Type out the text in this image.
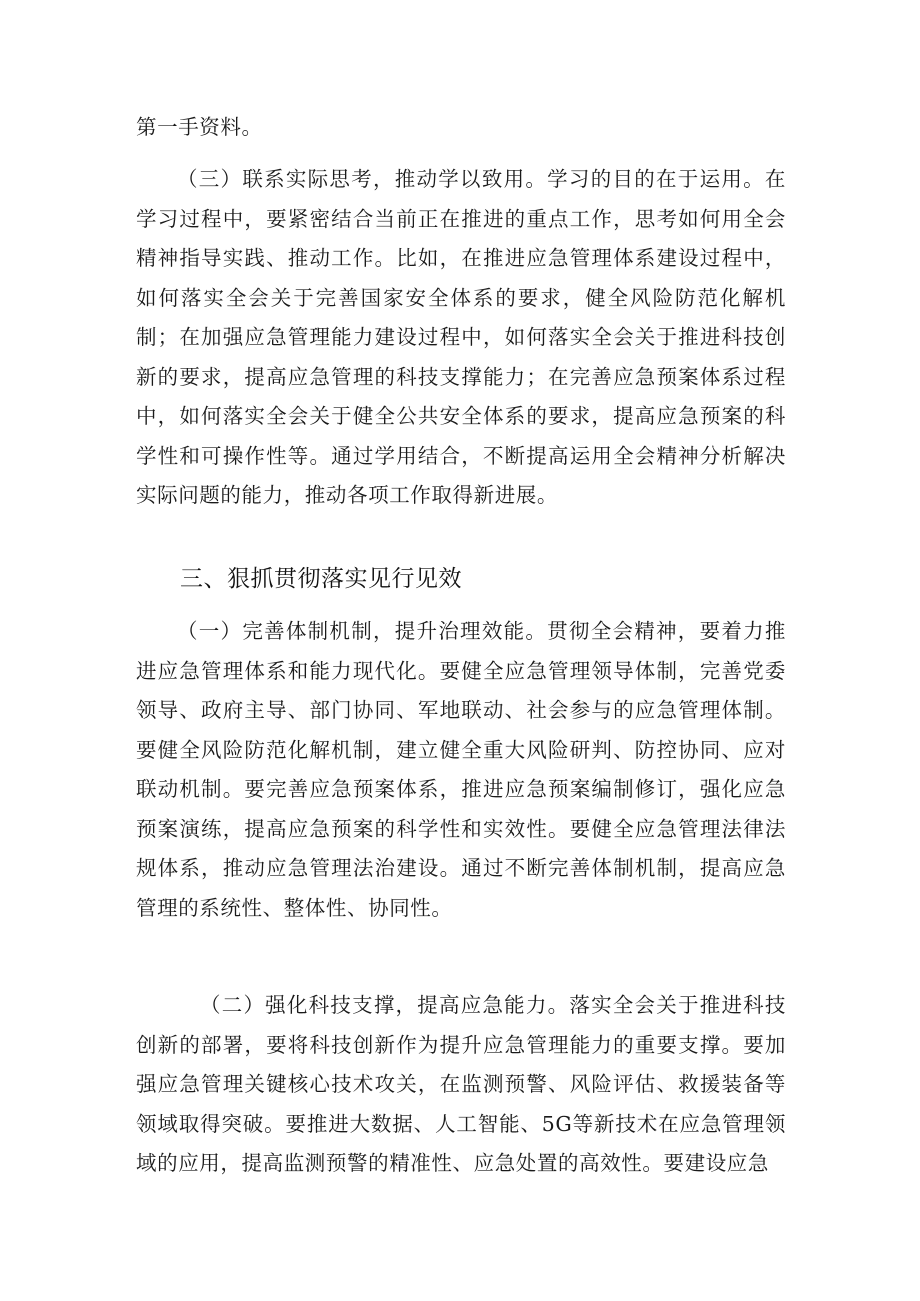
第一手资料。

（三）联系实际思考，推动学以致用。学习的目的在于运用。在学习过程中，要紧密结合当前正在推进的重点工作，思考如何用全会精神指导实践、推动工作。比如，在推进应急管理体系建设过程中，如何落实全会关于完善国家安全体系的要求，健全风险防范化解机制；在加强应急管理能力建设过程中，如何落实全会关于推进科技创新的要求，提高应急管理的科技支撑能力；在完善应急预案体系过程中，如何落实全会关于健全公共安全体系的要求，提高应急预案的科学性和可操作性等。通过学用结合，不断提高运用全会精神分析解决实际问题的能力，推动各项工作取得新进展。

三、狠抓贯彻落实见行见效

（一）完善体制机制，提升治理效能。贯彻全会精神，要着力推进应急管理体系和能力现代化。要健全应急管理领导体制，完善党委领导、政府主导、部门协同、军地联动、社会参与的应急管理体制。要健全风险防范化解机制，建立健全重大风险研判、防控协同、应对联动机制。要完善应急预案体系，推进应急预案编制修订，强化应急预案演练，提高应急预案的科学性和实效性。要健全应急管理法律法规体系，推动应急管理法治建设。通过不断完善体制机制，提高应急管理的系统性、整体性、协同性。

（二）强化科技支撑，提高应急能力。落实全会关于推进科技创新的部署，要将科技创新作为提升应急管理能力的重要支撑。要加强应急管理关键核心技术攻关，在监测预警、风险评估、救援装备等领域取得突破。要推进大数据、人工智能、5G等新技术在应急管理领域的应用，提高监测预警的精准性、应急处置的高效性。要建设应急
